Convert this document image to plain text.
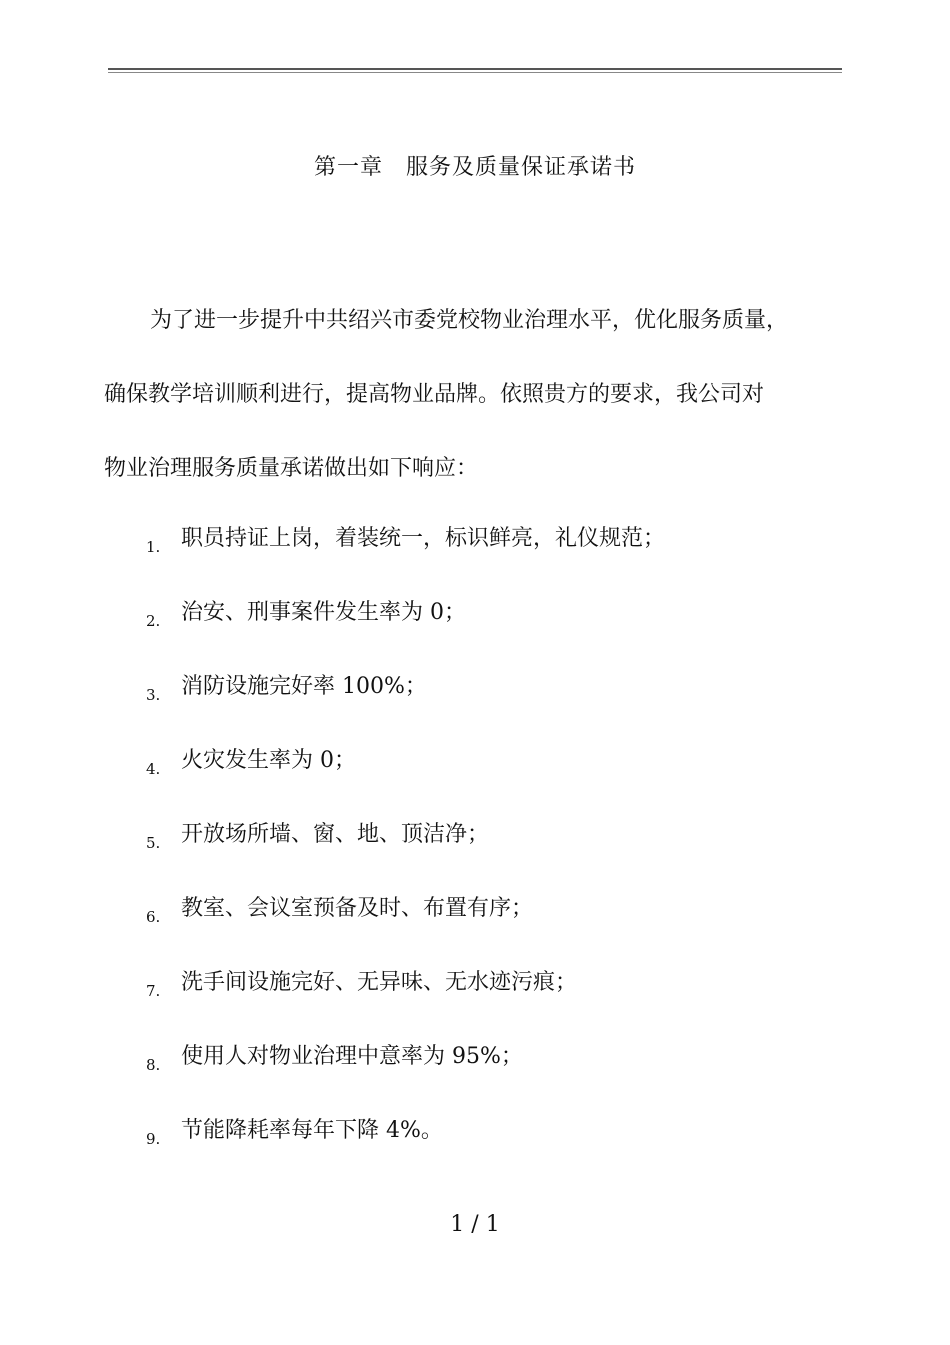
第一章　服务及质量保证承诺书
为了进一步提升中共绍兴市委党校物业治理水平，优化服务质量，
确保教学培训顺利进行，提高物业品牌。依照贵方的要求，我公司对
物业治理服务质量承诺做出如下响应：
1. 职员持证上岗，着装统一，标识鲜亮，礼仪规范；
2. 治安、刑事案件发生率为 0；
3. 消防设施完好率 100%；
4. 火灾发生率为 0；
5. 开放场所墙、窗、地、顶洁净；
6. 教室、会议室预备及时、布置有序；
7. 洗手间设施完好、无异味、无水迹污痕；
8. 使用人对物业治理中意率为 95%；
9. 节能降耗率每年下降 4%。
1 / 1
